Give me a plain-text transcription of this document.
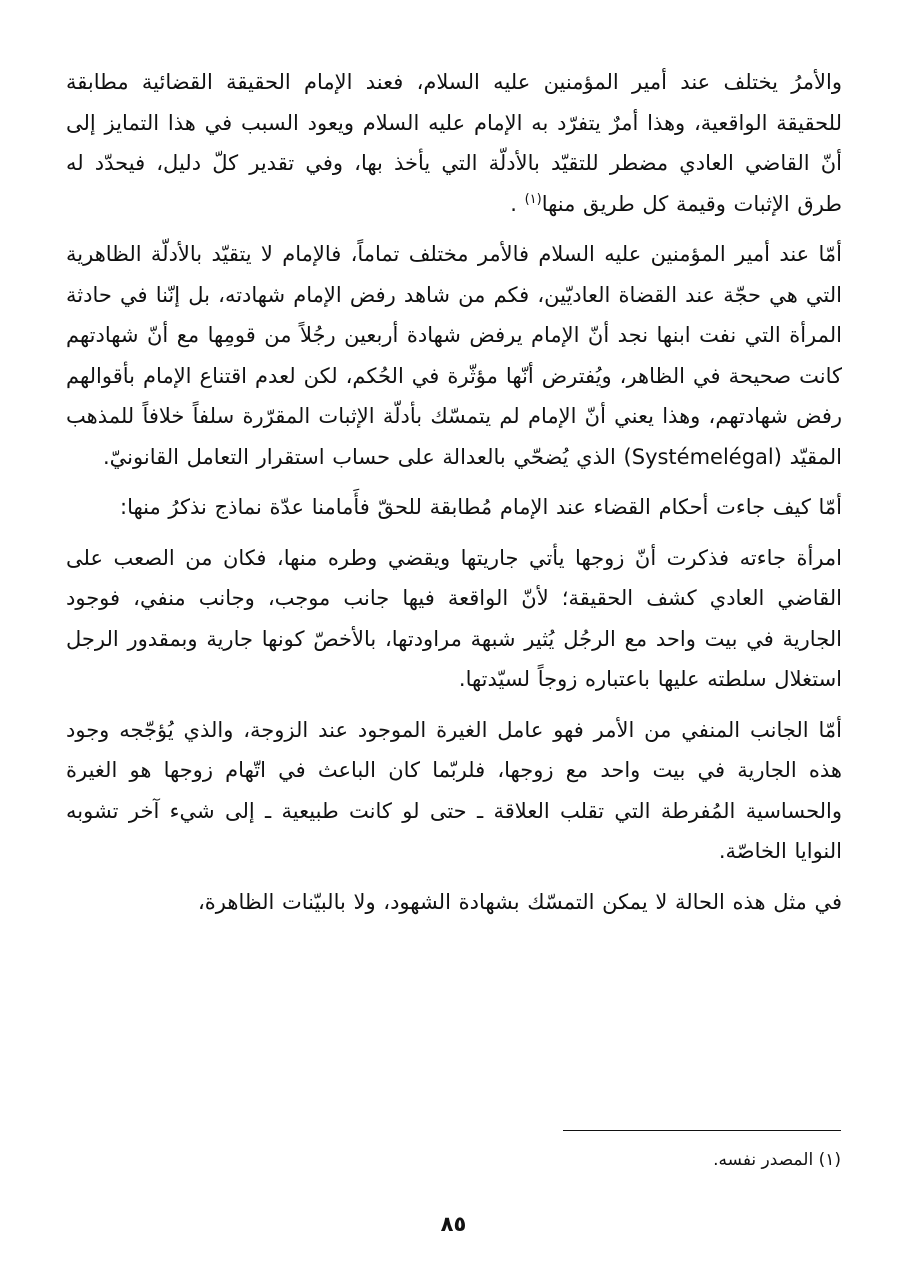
والأمرُ يختلف عند أمير المؤمنين عليه السلام، فعند الإمام الحقيقة القضائية مطابقة للحقيقة الواقعية، وهذا أمرٌ يتفرّد به الإمام عليه السلام ويعود السبب في هذا التمايز إلى أنّ القاضي العادي مضطر للتقيّد بالأدلّة التي يأخذ بها، وفي تقدير كلّ دليل، فيحدّد له طرق الإثبات وقيمة كل طريق منها$^{(١)}$ .

أمّا عند أمير المؤمنين عليه السلام فالأمر مختلف تماماً، فالإمام لا يتقيّد بالأدلّة الظاهرية التي هي حجّة عند القضاة العاديّين، فكم من شاهد رفض الإمام شهادته، بل إنّنا في حادثة المرأة التي نفت ابنها نجد أنّ الإمام يرفض شهادة أربعين رجُلاً من قومِها مع أنّ شهادتهم كانت صحيحة في الظاهر، ويُفترض أنّها مؤثّرة في الحُكم، لكن لعدم اقتناع الإمام بأقوالهم رفض شهادتهم، وهذا يعني أنّ الإمام لم يتمسّك بأدلّة الإثبات المقرّرة سلفاً خلافاً للمذهب المقيّد (Systémelégal) الذي يُضحّي بالعدالة على حساب استقرار التعامل القانونيّ.

أمّا كيف جاءت أحكام القضاء عند الإمام مُطابقة للحقّ فأَمامنا عدّة نماذج نذكرُ منها:

امرأة جاءته فذكرت أنّ زوجها يأتي جاريتها ويقضي وطره منها، فكان من الصعب على القاضي العادي كشف الحقيقة؛ لأنّ الواقعة فيها جانب موجب، وجانب منفي، فوجود الجارية في بيت واحد مع الرجُل يُثير شبهة مراودتها، بالأخصّ كونها جارية وبمقدور الرجل استغلال سلطته عليها باعتباره زوجاً لسيّدتها.

أمّا الجانب المنفي من الأمر فهو عامل الغيرة الموجود عند الزوجة، والذي يُؤجّجه وجود هذه الجارية في بيت واحد مع زوجها، فلربّما كان الباعث في اتّهام زوجها هو الغيرة والحساسية المُفرطة التي تقلب العلاقة ـ حتى لو كانت طبيعية ـ إلى شيء آخر تشوبه النوايا الخاصّة.

في مثل هذه الحالة لا يمكن التمسّك بشهادة الشهود، ولا بالبيّنات الظاهرة،

(١) المصدر نفسه.
٨٥
